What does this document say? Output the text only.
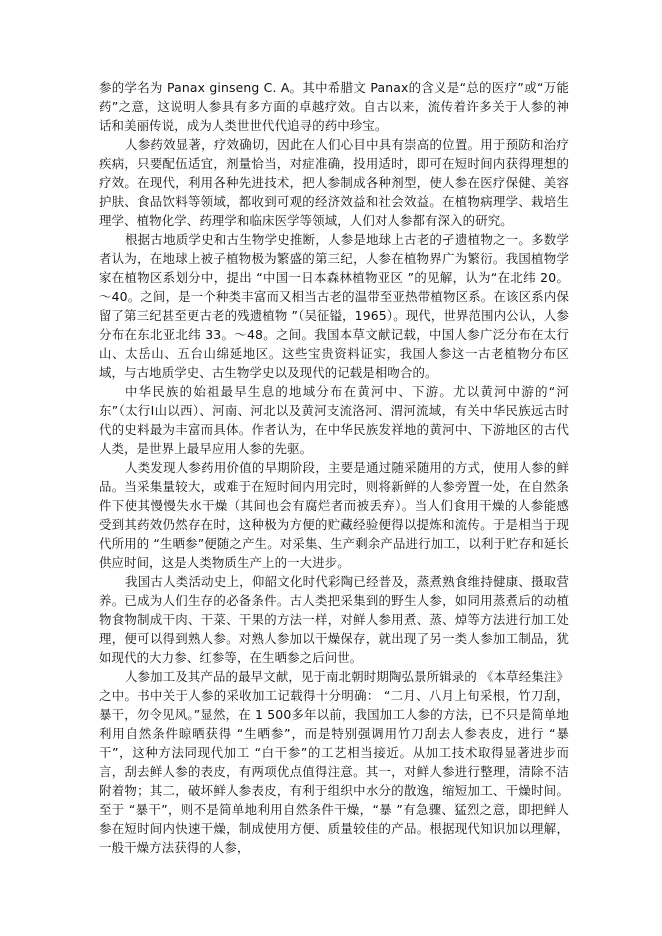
参的学名为 Panax ginseng C. A。其中希腊文 Panax的含义是“总的医疗”或“万能药”之意，这说明人参具有多方面的卓越疗效。自古以来，流传着许多关于人参的神话和美丽传说，成为人类世世代代追寻的药中珍宝。

人参药效显著，疗效确切，因此在人们心目中具有崇高的位置。用于预防和治疗疾病，只要配伍适宜，剂量恰当，对症准确，投用适时，即可在短时间内获得理想的疗效。在现代，利用各种先进技术，把人参制成各种剂型，使人参在医疗保健、美容护肤、食品饮料等领域，都收到可观的经济效益和社会效益。在植物病理学、栽培生理学、植物化学、药理学和临床医学等领域，人们对人参都有深入的研究。

根据古地质学史和古生物学史推断，人参是地球上古老的孑遗植物之一。多数学者认为，在地球上被子植物极为繁盛的第三纪，人参在植物界广为繁衍。我国植物学家在植物区系划分中，提出 “中国一日本森林植物亚区 ”的见解，认为“在北纬 20。～40。之间，是一个种类丰富而又相当古老的温带至亚热带植物区系。在该区系内保留了第三纪甚至更古老的残遗植物 ”（吴征镒，1965）。现代，世界范围内公认，人参分布在东北亚北纬 33。～48。之间。我国本草文献记载，中国人参广泛分布在太行山、太岳山、五台山绵延地区。这些宝贵资料证实，我国人参这一古老植物分布区域，与古地质学史、古生物学史以及现代的记载是相吻合的。

中华民族的始祖最早生息的地域分布在黄河中、下游。尤以黄河中游的“河东”（太行Ⅰ山以西）、河南、河北以及黄河支流洛河、渭河流域，有关中华民族远古时代的史料最为丰富而具体。作者认为，在中华民族发祥地的黄河中、下游地区的古代人类，是世界上最早应用人参的先驱。

人类发现人参药用价值的早期阶段，主要是通过随采随用的方式，使用人参的鲜品。当采集量较大，或难于在短时间内用完时，则将新鲜的人参旁置一处，在自然条件下使其慢慢失水干燥（其间也会有腐烂者而被丢弃）。当人们食用干燥的人参能感受到其药效仍然存在时，这种极为方便的贮藏经验便得以提炼和流传。于是相当于现代所用的 “生晒参”便随之产生。对采集、生产剩余产品进行加工，以利于贮存和延长供应时间，这是人类物质生产上的一大进步。

我国古人类活动史上，仰韶文化时代彩陶已经普及，蒸煮熟食维持健康、摄取营养。已成为人们生存的必备条件。古人类把采集到的野生人参，如同用蒸煮后的动植物食物制成干肉、干菜、干果的方法一样，对鲜人参用煮、蒸、焯等方法进行加工处理，便可以得到熟人参。对熟人参加以干燥保存，就出现了另一类人参加工制品，犹如现代的大力参、红参等，在生晒参之后问世。

人参加工及其产品的最早文献，见于南北朝时期陶弘景所辑录的 《本草经集注》之中。书中关于人参的采收加工记载得十分明确： “二月、八月上旬采根，竹刀刮，暴干，勿令见风。”显然，在 1 500多年以前，我国加工人参的方法，已不只是简单地利用自然条件晾晒获得 “生晒参”，而是特别强调用竹刀刮去人参表皮，进行 “暴干”，这种方法同现代加工 “白干参”的工艺相当接近。从加工技术取得显著进步而言，刮去鲜人参的表皮，有两项优点值得注意。其一，对鲜人参进行整理，清除不洁附着物；其二，破坏鲜人参表皮，有利于组织中水分的散逸，缩短加工、干燥时间。至于 “暴干”，则不是简单地利用自然条件干燥，“暴 ”有急骤、猛烈之意，即把鲜人参在短时间内快速干燥，制成使用方便、质量较佳的产品。根据现代知识加以理解，一般干燥方法获得的人参，
